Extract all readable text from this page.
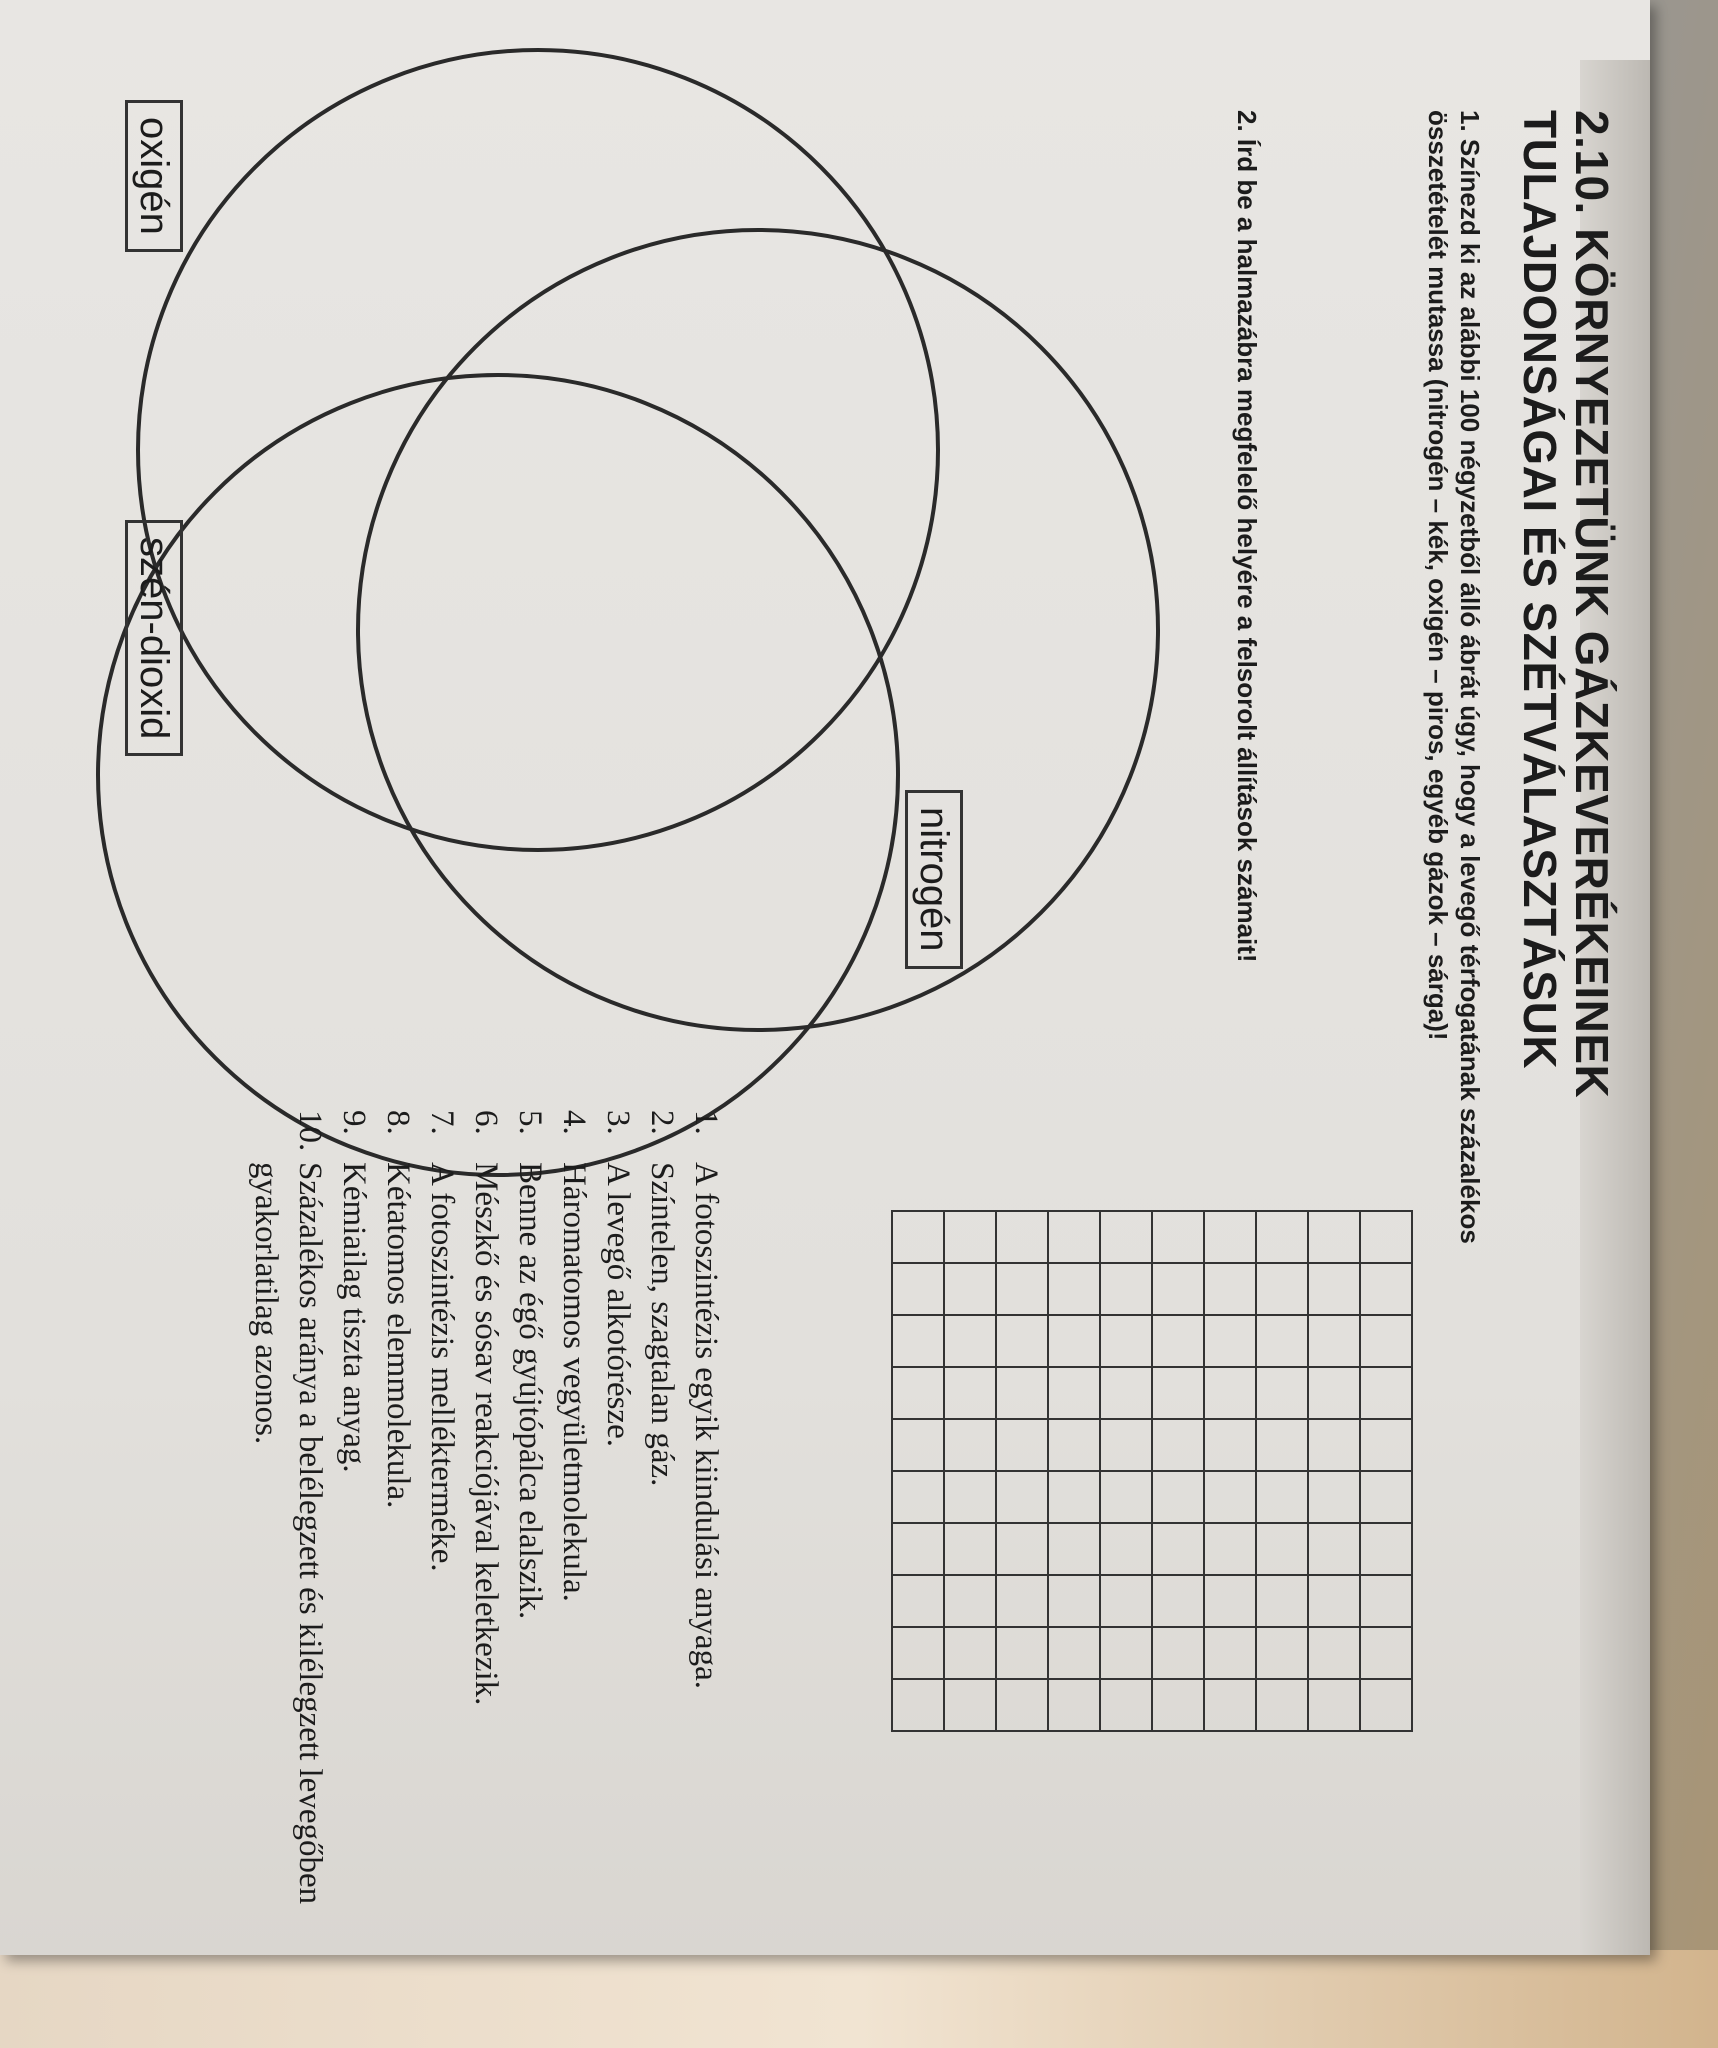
2.10. KÖRNYEZETÜNK GÁZKEVERÉKEINEK
TULAJDONSÁGAI ÉS SZÉTVÁLASZTÁSUK

1. Színezd ki az alábbi 100 négyzetből álló ábrát úgy, hogy a levegő térfogatának százalékos összetételét mutassa (nitrogén – kék, oxigén – piros, egyéb gázok – sárga)!

2. Írd be a halmazábra megfelelő helyére a felsorolt állítások számait!

oxigén
nitrogén
szén-dioxid
1.
A fotoszintézis egyik kiindulási anyaga.
2.
Színtelen, szagtalan gáz.
3.
A levegő alkotórésze.
4.
Háromatomos vegyületmolekula.
5.
Benne az égő gyújtópálca elalszik.
6.
Mészkő és sósav reakciójával keletkezik.
7.
A fotoszintézis mellékterméke.
8.
Kétatomos elemmolekula.
9.
Kémiailag tiszta anyag.
10.
Százalékos aránya a belélegzett és kilélegzett levegőben gyakorlatilag azonos.
